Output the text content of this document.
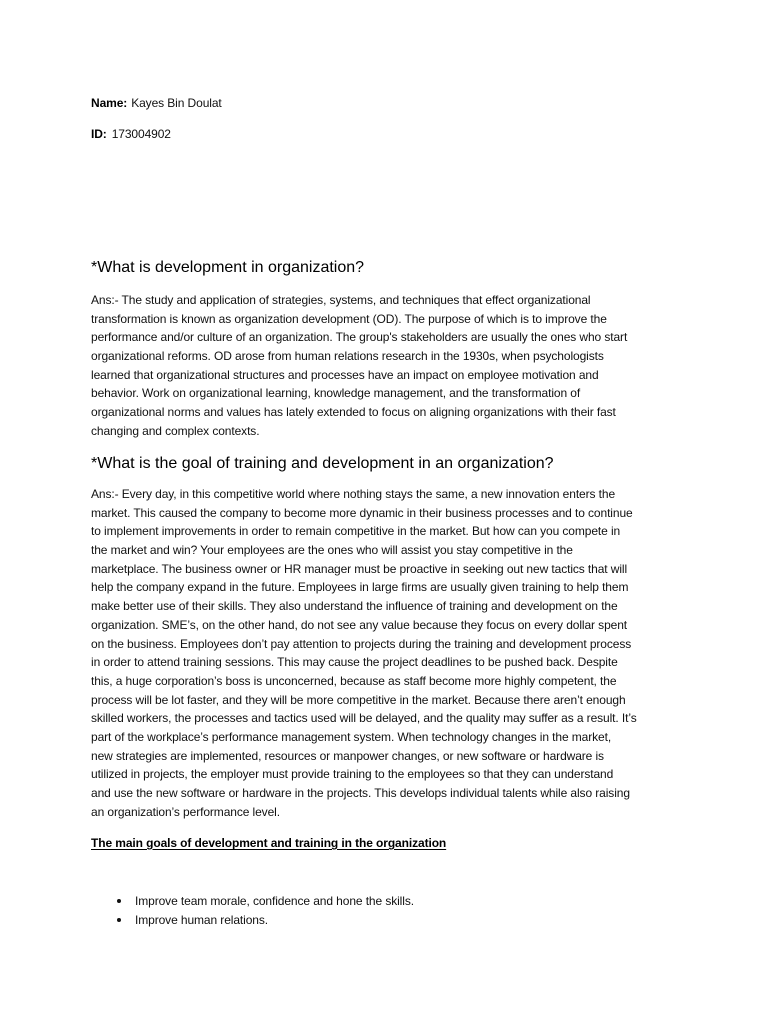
Name: Kayes Bin Doulat
ID: 173004902
*What is development in organization?
Ans:- The study and application of strategies, systems, and techniques that effect organizational
transformation is known as organization development (OD). The purpose of which is to improve the
performance and/or culture of an organization. The group's stakeholders are usually the ones who start
organizational reforms. OD arose from human relations research in the 1930s, when psychologists
learned that organizational structures and processes have an impact on employee motivation and
behavior. Work on organizational learning, knowledge management, and the transformation of
organizational norms and values has lately extended to focus on aligning organizations with their fast
changing and complex contexts.
*What is the goal of training and development in an organization?
Ans:- Every day, in this competitive world where nothing stays the same, a new innovation enters the
market. This caused the company to become more dynamic in their business processes and to continue
to implement improvements in order to remain competitive in the market. But how can you compete in
the market and win? Your employees are the ones who will assist you stay competitive in the
marketplace. The business owner or HR manager must be proactive in seeking out new tactics that will
help the company expand in the future. Employees in large firms are usually given training to help them
make better use of their skills. They also understand the influence of training and development on the
organization. SME’s, on the other hand, do not see any value because they focus on every dollar spent
on the business. Employees don’t pay attention to projects during the training and development process
in order to attend training sessions. This may cause the project deadlines to be pushed back. Despite
this, a huge corporation’s boss is unconcerned, because as staff become more highly competent, the
process will be lot faster, and they will be more competitive in the market. Because there aren’t enough
skilled workers, the processes and tactics used will be delayed, and the quality may suffer as a result. It’s
part of the workplace’s performance management system. When technology changes in the market,
new strategies are implemented, resources or manpower changes, or new software or hardware is
utilized in projects, the employer must provide training to the employees so that they can understand
and use the new software or hardware in the projects. This develops individual talents while also raising
an organization’s performance level.
The main goals of development and training in the organization
Improve team morale, confidence and hone the skills.
Improve human relations.
